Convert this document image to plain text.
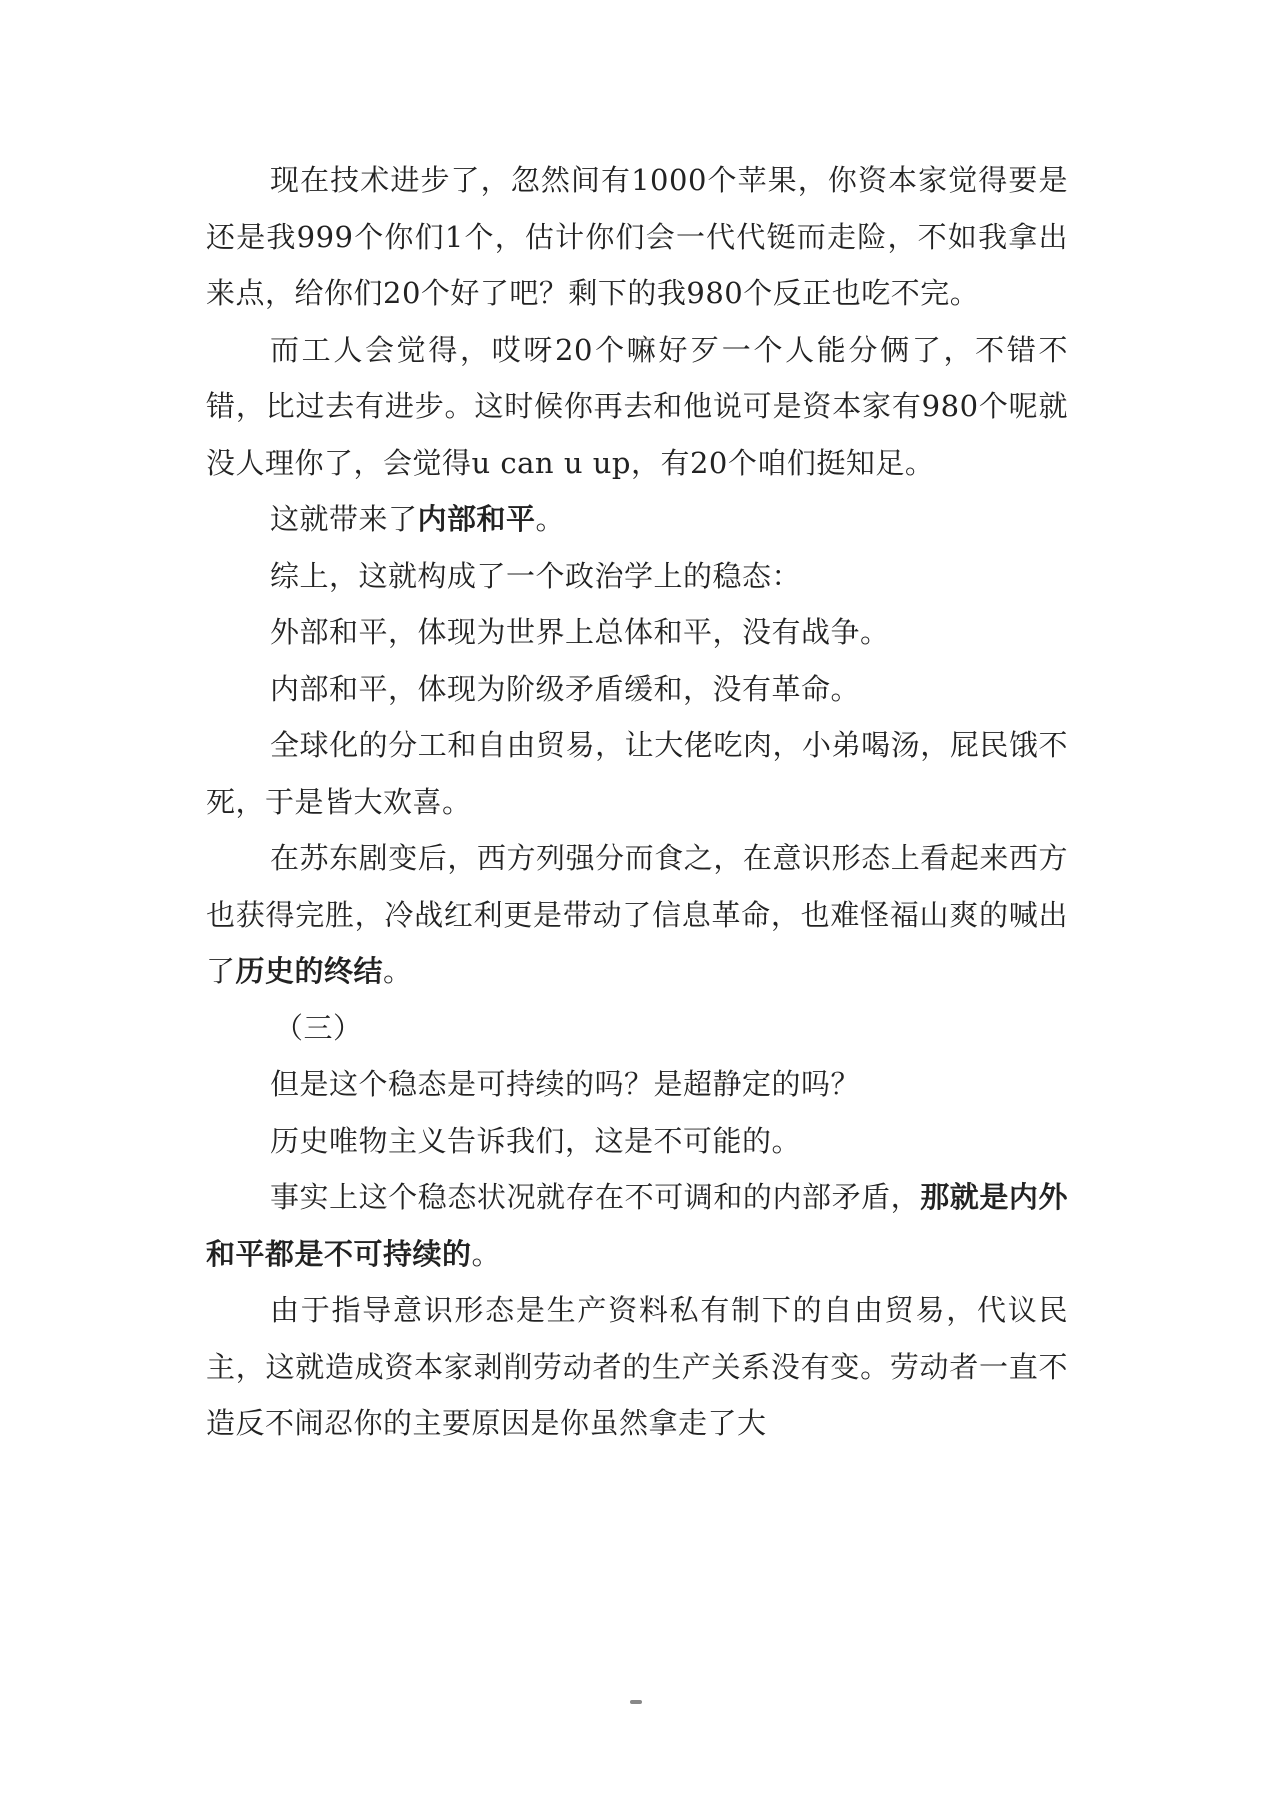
现在技术进步了，忽然间有1000个苹果，你资本家觉得要是还是我999个你们1个，估计你们会一代代铤而走险，不如我拿出来点，给你们20个好了吧？剩下的我980个反正也吃不完。

而工人会觉得，哎呀20个嘛好歹一个人能分俩了，不错不错，比过去有进步。这时候你再去和他说可是资本家有980个呢就没人理你了，会觉得u can u up，有20个咱们挺知足。

这就带来了内部和平。

综上，这就构成了一个政治学上的稳态：

外部和平，体现为世界上总体和平，没有战争。

内部和平，体现为阶级矛盾缓和，没有革命。

全球化的分工和自由贸易，让大佬吃肉，小弟喝汤，屁民饿不死，于是皆大欢喜。

在苏东剧变后，西方列强分而食之，在意识形态上看起来西方也获得完胜，冷战红利更是带动了信息革命，也难怪福山爽的喊出了历史的终结。

（三）

但是这个稳态是可持续的吗？是超静定的吗？

历史唯物主义告诉我们，这是不可能的。

事实上这个稳态状况就存在不可调和的内部矛盾，那就是内外和平都是不可持续的。

由于指导意识形态是生产资料私有制下的自由贸易，代议民主，这就造成资本家剥削劳动者的生产关系没有变。劳动者一直不造反不闹忍你的主要原因是你虽然拿走了大
